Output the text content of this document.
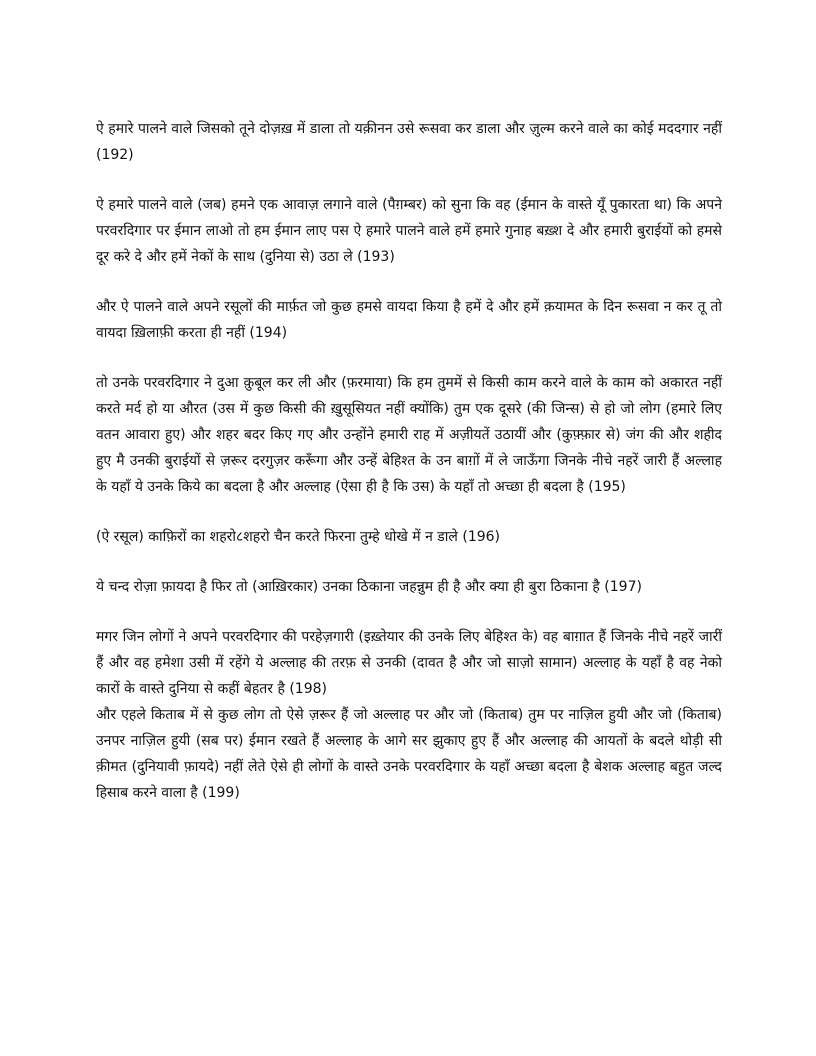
ऐ हमारे पालने वाले जिसको तूने दोज़ख़ में डाला तो यक़ीनन उसे रूसवा कर डाला और ज़ुल्म करने वाले का कोई मददगार नहीं (192)

ऐ हमारे पालने वाले (जब) हमने एक आवाज़ लगाने वाले (पैग़म्बर) को सुना कि वह (ईमान के वास्ते यूँ पुकारता था) कि अपने परवरदिगार पर ईमान लाओ तो हम ईमान लाए पस ऐ हमारे पालने वाले हमें हमारे गुनाह बख़्श दे और हमारी बुराईयों को हमसे दूर करे दे और हमें नेकों के साथ (दुनिया से) उठा ले (193)

और ऐ पालने वाले अपने रसूलों की मार्फ़त जो कुछ हमसे वायदा किया है हमें दे और हमें क़यामत के दिन रूसवा न कर तू तो वायदा ख़िलाफ़ी करता ही नहीं (194)

तो उनके परवरदिगार ने दुआ क़ुबूल कर ली और (फ़रमाया) कि हम तुममें से किसी काम करने वाले के काम को अकारत नहीं करते मर्द हो या औरत (उस में कुछ किसी की ख़ुसूसियत नहीं क्योंकि) तुम एक दूसरे (की जिन्स) से हो जो लोग (हमारे लिए वतन आवारा हुए) और शहर बदर किए गए और उन्होंने हमारी राह में अज़ीयतें उठायीं और (कुफ़्फ़ार से) जंग की और शहीद हुए मै उनकी बुराईयों से ज़रूर दरगुज़र करूँगा और उन्हें बेहिश्त के उन बाग़ों में ले जाऊँगा जिनके नीचे नहरें जारी हैं अल्लाह के यहाँ ये उनके किये का बदला है और अल्लाह (ऐसा ही है कि उस) के यहाँ तो अच्छा ही बदला है (195)

(ऐ रसूल) काफ़िरों का शहरो८शहरो चैन करते फिरना तुम्हे धोखे में न डाले (196)

ये चन्द रोज़ा फ़ायदा है फिर तो (आख़िरकार) उनका ठिकाना जहन्नुम ही है और क्या ही बुरा ठिकाना है (197)

मगर जिन लोगों ने अपने परवरदिगार की परहेज़गारी (इख़्तेयार की उनके लिए बेहिश्त के) वह बाग़ात हैं जिनके नीचे नहरें जारीं हैं और वह हमेशा उसी में रहेंगे ये अल्लाह की तरफ़ से उनकी (दावत है और जो साज़ो सामान) अल्लाह के यहाँ है वह नेको कारों के वास्ते दुनिया से कहीं बेहतर है (198)

और एहले किताब में से कुछ लोग तो ऐसे ज़रूर हैं जो अल्लाह पर और जो (किताब) तुम पर नाज़िल हुयी और जो (किताब) उनपर नाज़िल हुयी (सब पर) ईमान रखते हैं अल्लाह के आगे सर झुकाए हुए हैं और अल्लाह की आयतों के बदले थोड़ी सी क़ीमत (दुनियावी फ़ायदे) नहीं लेते ऐसे ही लोगों के वास्ते उनके परवरदिगार के यहाँ अच्छा बदला है बेशक अल्लाह बहुत जल्द हिसाब करने वाला है (199)
